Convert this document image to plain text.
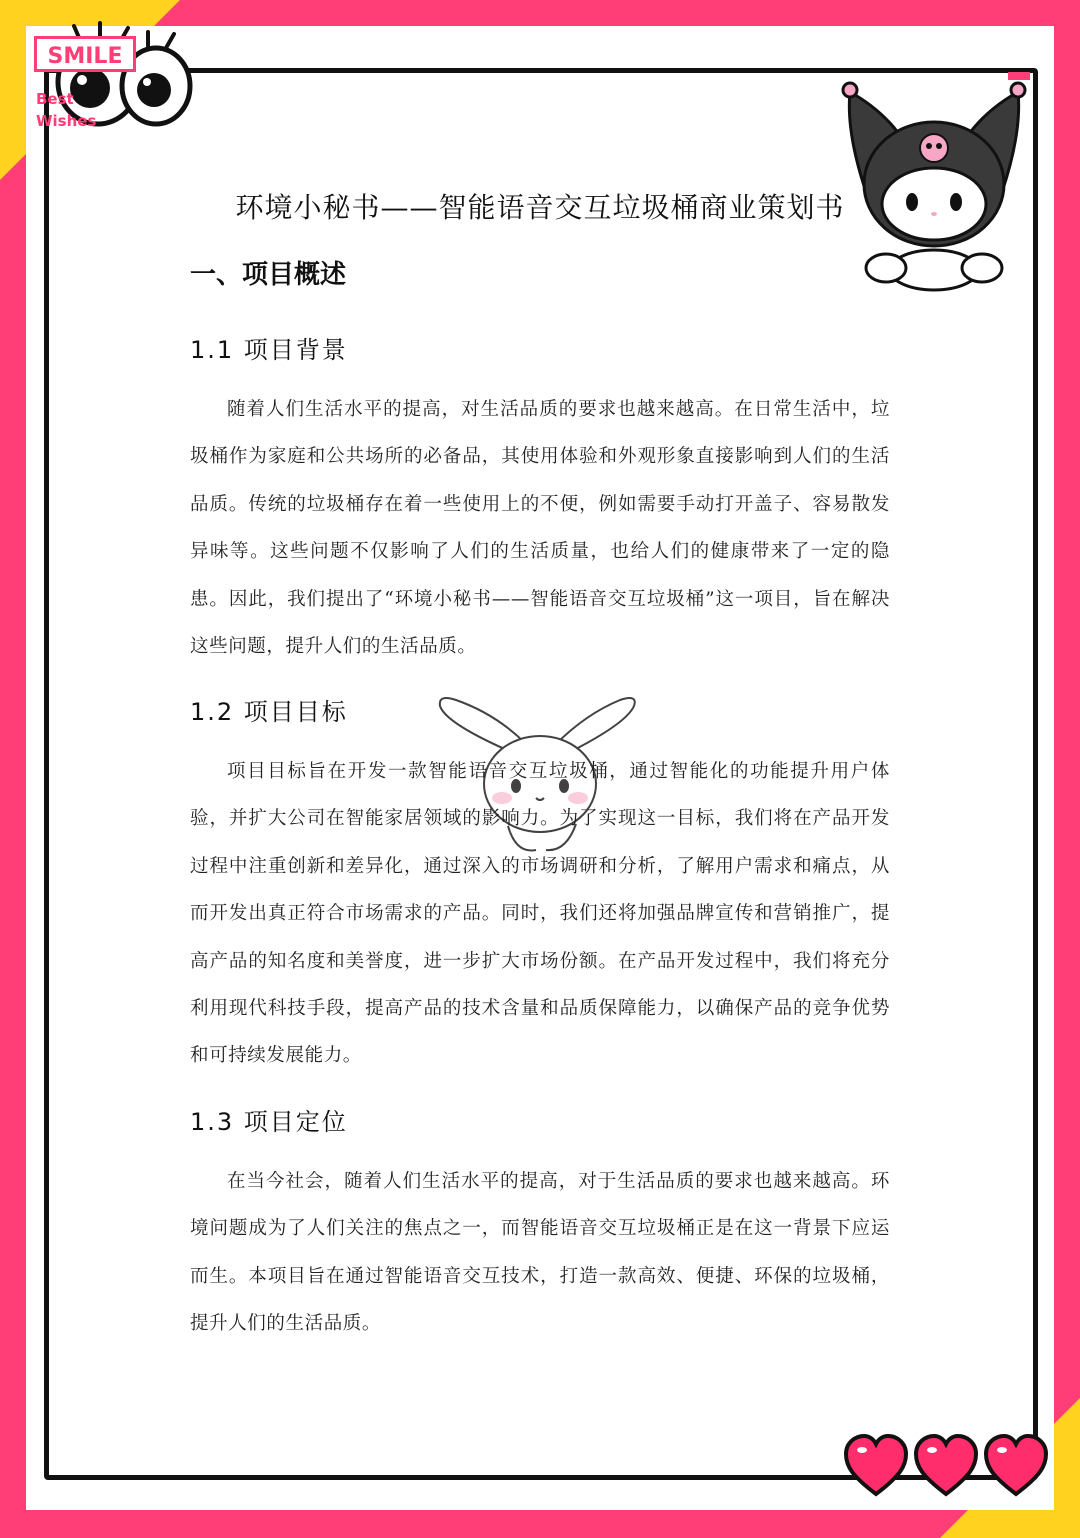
SMILE
Best
Wishes
环境小秘书——智能语音交互垃圾桶商业策划书
一、项目概述
1.1 项目背景
随着人们生活水平的提高，对生活品质的要求也越来越高。在日常生活中，垃圾桶作为家庭和公共场所的必备品，其使用体验和外观形象直接影响到人们的生活品质。传统的垃圾桶存在着一些使用上的不便，例如需要手动打开盖子、容易散发异味等。这些问题不仅影响了人们的生活质量，也给人们的健康带来了一定的隐患。因此，我们提出了“环境小秘书——智能语音交互垃圾桶”这一项目，旨在解决这些问题，提升人们的生活品质。
1.2 项目目标
项目目标旨在开发一款智能语音交互垃圾桶，通过智能化的功能提升用户体验，并扩大公司在智能家居领域的影响力。为了实现这一目标，我们将在产品开发过程中注重创新和差异化，通过深入的市场调研和分析，了解用户需求和痛点，从而开发出真正符合市场需求的产品。同时，我们还将加强品牌宣传和营销推广，提高产品的知名度和美誉度，进一步扩大市场份额。在产品开发过程中，我们将充分利用现代科技手段，提高产品的技术含量和品质保障能力，以确保产品的竞争优势和可持续发展能力。
1.3 项目定位
在当今社会，随着人们生活水平的提高，对于生活品质的要求也越来越高。环境问题成为了人们关注的焦点之一，而智能语音交互垃圾桶正是在这一背景下应运而生。本项目旨在通过智能语音交互技术，打造一款高效、便捷、环保的垃圾桶，提升人们的生活品质。
